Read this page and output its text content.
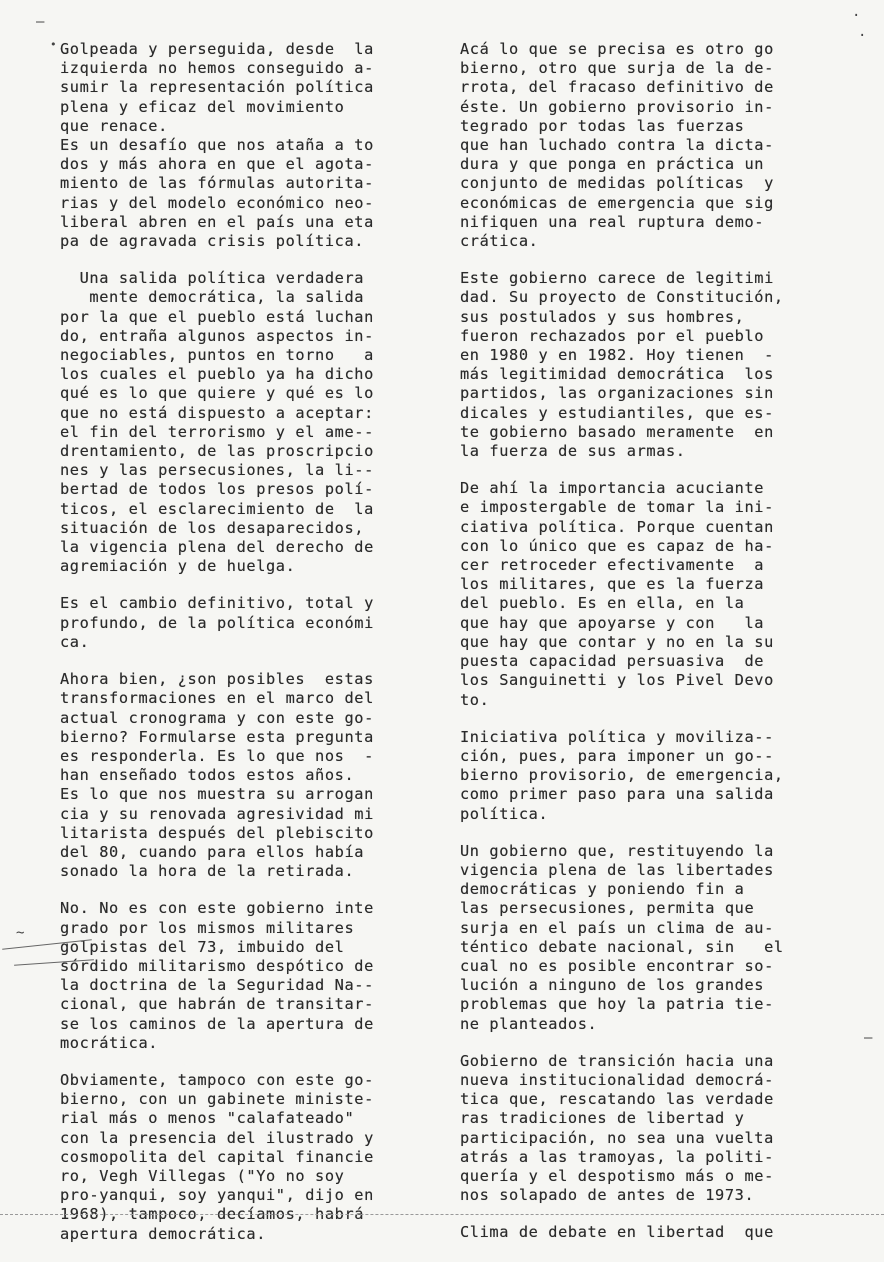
–	·
·
•
~
–

Golpeada y perseguida, desde  la
izquierda no hemos conseguido a-
sumir la representación política
plena y eficaz del movimiento
que renace.
Es un desafío que nos ataña a to
dos y más ahora en que el agota-
miento de las fórmulas autorita-
rias y del modelo económico neo-
liberal abren en el país una eta
pa de agravada crisis política.

Una salida política verdadera
mente democrática, la salida
por la que el pueblo está luchan
do, entraña algunos aspectos in-
negociables, puntos en torno   a
los cuales el pueblo ya ha dicho
qué es lo que quiere y qué es lo
que no está dispuesto a aceptar:
el fin del terrorismo y el ame--
drentamiento, de las proscripcio
nes y las persecusiones, la li--
bertad de todos los presos polí-
ticos, el esclarecimiento de  la
situación de los desaparecidos,
la vigencia plena del derecho de
agremiación y de huelga.

Es el cambio definitivo, total y
profundo, de la política económi
ca.

Ahora bien, ¿son posibles  estas
transformaciones en el marco del
actual cronograma y con este go-
bierno? Formularse esta pregunta
es responderla. Es lo que nos  -
han enseñado todos estos años.
Es lo que nos muestra su arrogan
cia y su renovada agresividad mi
litarista después del plebiscito
del 80, cuando para ellos había
sonado la hora de la retirada.

No. No es con este gobierno inte
grado por los mismos militares
golpistas del 73, imbuido del
sórdido militarismo despótico de
la doctrina de la Seguridad Na--
cional, que habrán de transitar-
se los caminos de la apertura de
mocrática.

Obviamente, tampoco con este go-
bierno, con un gabinete ministe-
rial más o menos "calafateado"
con la presencia del ilustrado y
cosmopolita del capital financie
ro, Vegh Villegas ("Yo no soy
pro-yanqui, soy yanqui", dijo en
1968), tampoco, decíamos, habrá
apertura democrática.

Acá lo que se precisa es otro go
bierno, otro que surja de la de-
rrota, del fracaso definitivo de
éste. Un gobierno provisorio in-
tegrado por todas las fuerzas
que han luchado contra la dicta-
dura y que ponga en práctica un
conjunto de medidas políticas  y
económicas de emergencia que sig
nifiquen una real ruptura demo-
crática.

Este gobierno carece de legitimi
dad. Su proyecto de Constitución,
sus postulados y sus hombres,
fueron rechazados por el pueblo
en 1980 y en 1982. Hoy tienen  -
más legitimidad democrática  los
partidos, las organizaciones sin
dicales y estudiantiles, que es-
te gobierno basado meramente  en
la fuerza de sus armas.

De ahí la importancia acuciante
e impostergable de tomar la ini-
ciativa política. Porque cuentan
con lo único que es capaz de ha-
cer retroceder efectivamente  a
los militares, que es la fuerza
del pueblo. Es en ella, en la
que hay que apoyarse y con   la
que hay que contar y no en la su
puesta capacidad persuasiva  de
los Sanguinetti y los Pivel Devo
to.

Iniciativa política y moviliza--
ción, pues, para imponer un go--
bierno provisorio, de emergencia,
como primer paso para una salida
política.

Un gobierno que, restituyendo la
vigencia plena de las libertades
democráticas y poniendo fin a
las persecusiones, permita que
surja en el país un clima de au-
téntico debate nacional, sin   el
cual no es posible encontrar so-
lución a ninguno de los grandes
problemas que hoy la patria tie-
ne planteados.

Gobierno de transición hacia una
nueva institucionalidad democrá-
tica que, rescatando las verdade
ras tradiciones de libertad y
participación, no sea una vuelta
atrás a las tramoyas, la politi-
quería y el despotismo más o me-
nos solapado de antes de 1973.

Clima de debate en libertad  que
